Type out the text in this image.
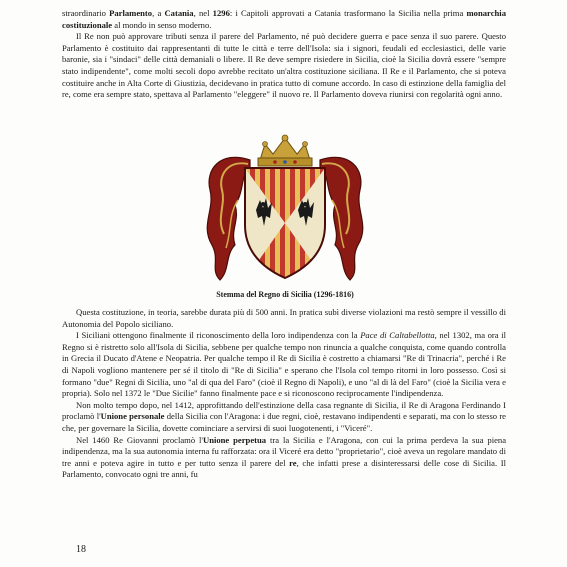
straordinario Parlamento, a Catania, nel 1296: i Capitoli approvati a Catania trasformano la Sicilia nella prima monarchia costituzionale al mondo in senso moderno.

Il Re non può approvare tributi senza il parere del Parlamento, né può decidere guerra e pace senza il suo parere. Questo Parlamento è costituito dai rappresentanti di tutte le città e terre dell'Isola: sia i signori, feudali ed ecclesiastici, delle varie baronie, sia i "sindaci" delle città demaniali o libere. Il Re deve sempre risiedere in Sicilia, cioè la Sicilia dovrà essere "sempre stato indipendente", come molti secoli dopo avrebbe recitato un'altra costituzione siciliana. Il Re e il Parlamento, che si poteva costituire anche in Alta Corte di Giustizia, decidevano in pratica tutto di comune accordo. In caso di estinzione della famiglia del re, come era sempre stato, spettava al Parlamento "eleggere" il nuovo re. Il Parlamento doveva riunirsi con regolarità ogni anno.

Stemma del Regno di Sicilia (1296-1816)

Questa costituzione, in teoria, sarebbe durata più di 500 anni. In pratica subì diverse violazioni ma restò sempre il vessillo di Autonomia del Popolo siciliano.

I Siciliani ottengono finalmente il riconoscimento della loro indipendenza con la Pace di Caltabellotta, nel 1302, ma ora il Regno si è ristretto solo all'Isola di Sicilia, sebbene per qualche tempo non rinuncia a qualche conquista, come quando controlla in Grecia il Ducato d'Atene e Neopatria. Per qualche tempo il Re di Sicilia è costretto a chiamarsi "Re di Trinacria", perché i Re di Napoli vogliono mantenere per sé il titolo di "Re di Sicilia" e sperano che l'Isola col tempo ritorni in loro possesso. Così si formano "due" Regni di Sicilia, uno "al di qua del Faro" (cioè il Regno di Napoli), e uno "al di là del Faro" (cioè la Sicilia vera e propria). Solo nel 1372 le "Due Sicilie" fanno finalmente pace e si riconoscono reciprocamente l'indipendenza.

Non molto tempo dopo, nel 1412, approfittando dell'estinzione della casa regnante di Sicilia, il Re di Aragona Ferdinando I proclamò l'Unione personale della Sicilia con l'Aragona: i due regni, cioè, restavano indipendenti e separati, ma con lo stesso re che, per governare la Sicilia, dovette cominciare a servirsi di suoi luogotenenti, i "Viceré".

Nel 1460 Re Giovanni proclamò l'Unione perpetua tra la Sicilia e l'Aragona, con cui la prima perdeva la sua piena indipendenza, ma la sua autonomia interna fu rafforzata: ora il Viceré era detto "proprietario", cioè aveva un regolare mandato di tre anni e poteva agire in tutto e per tutto senza il parere del re, che infatti prese a disinteressarsi delle cose di Sicilia. Il Parlamento, convocato ogni tre anni, fu

18
